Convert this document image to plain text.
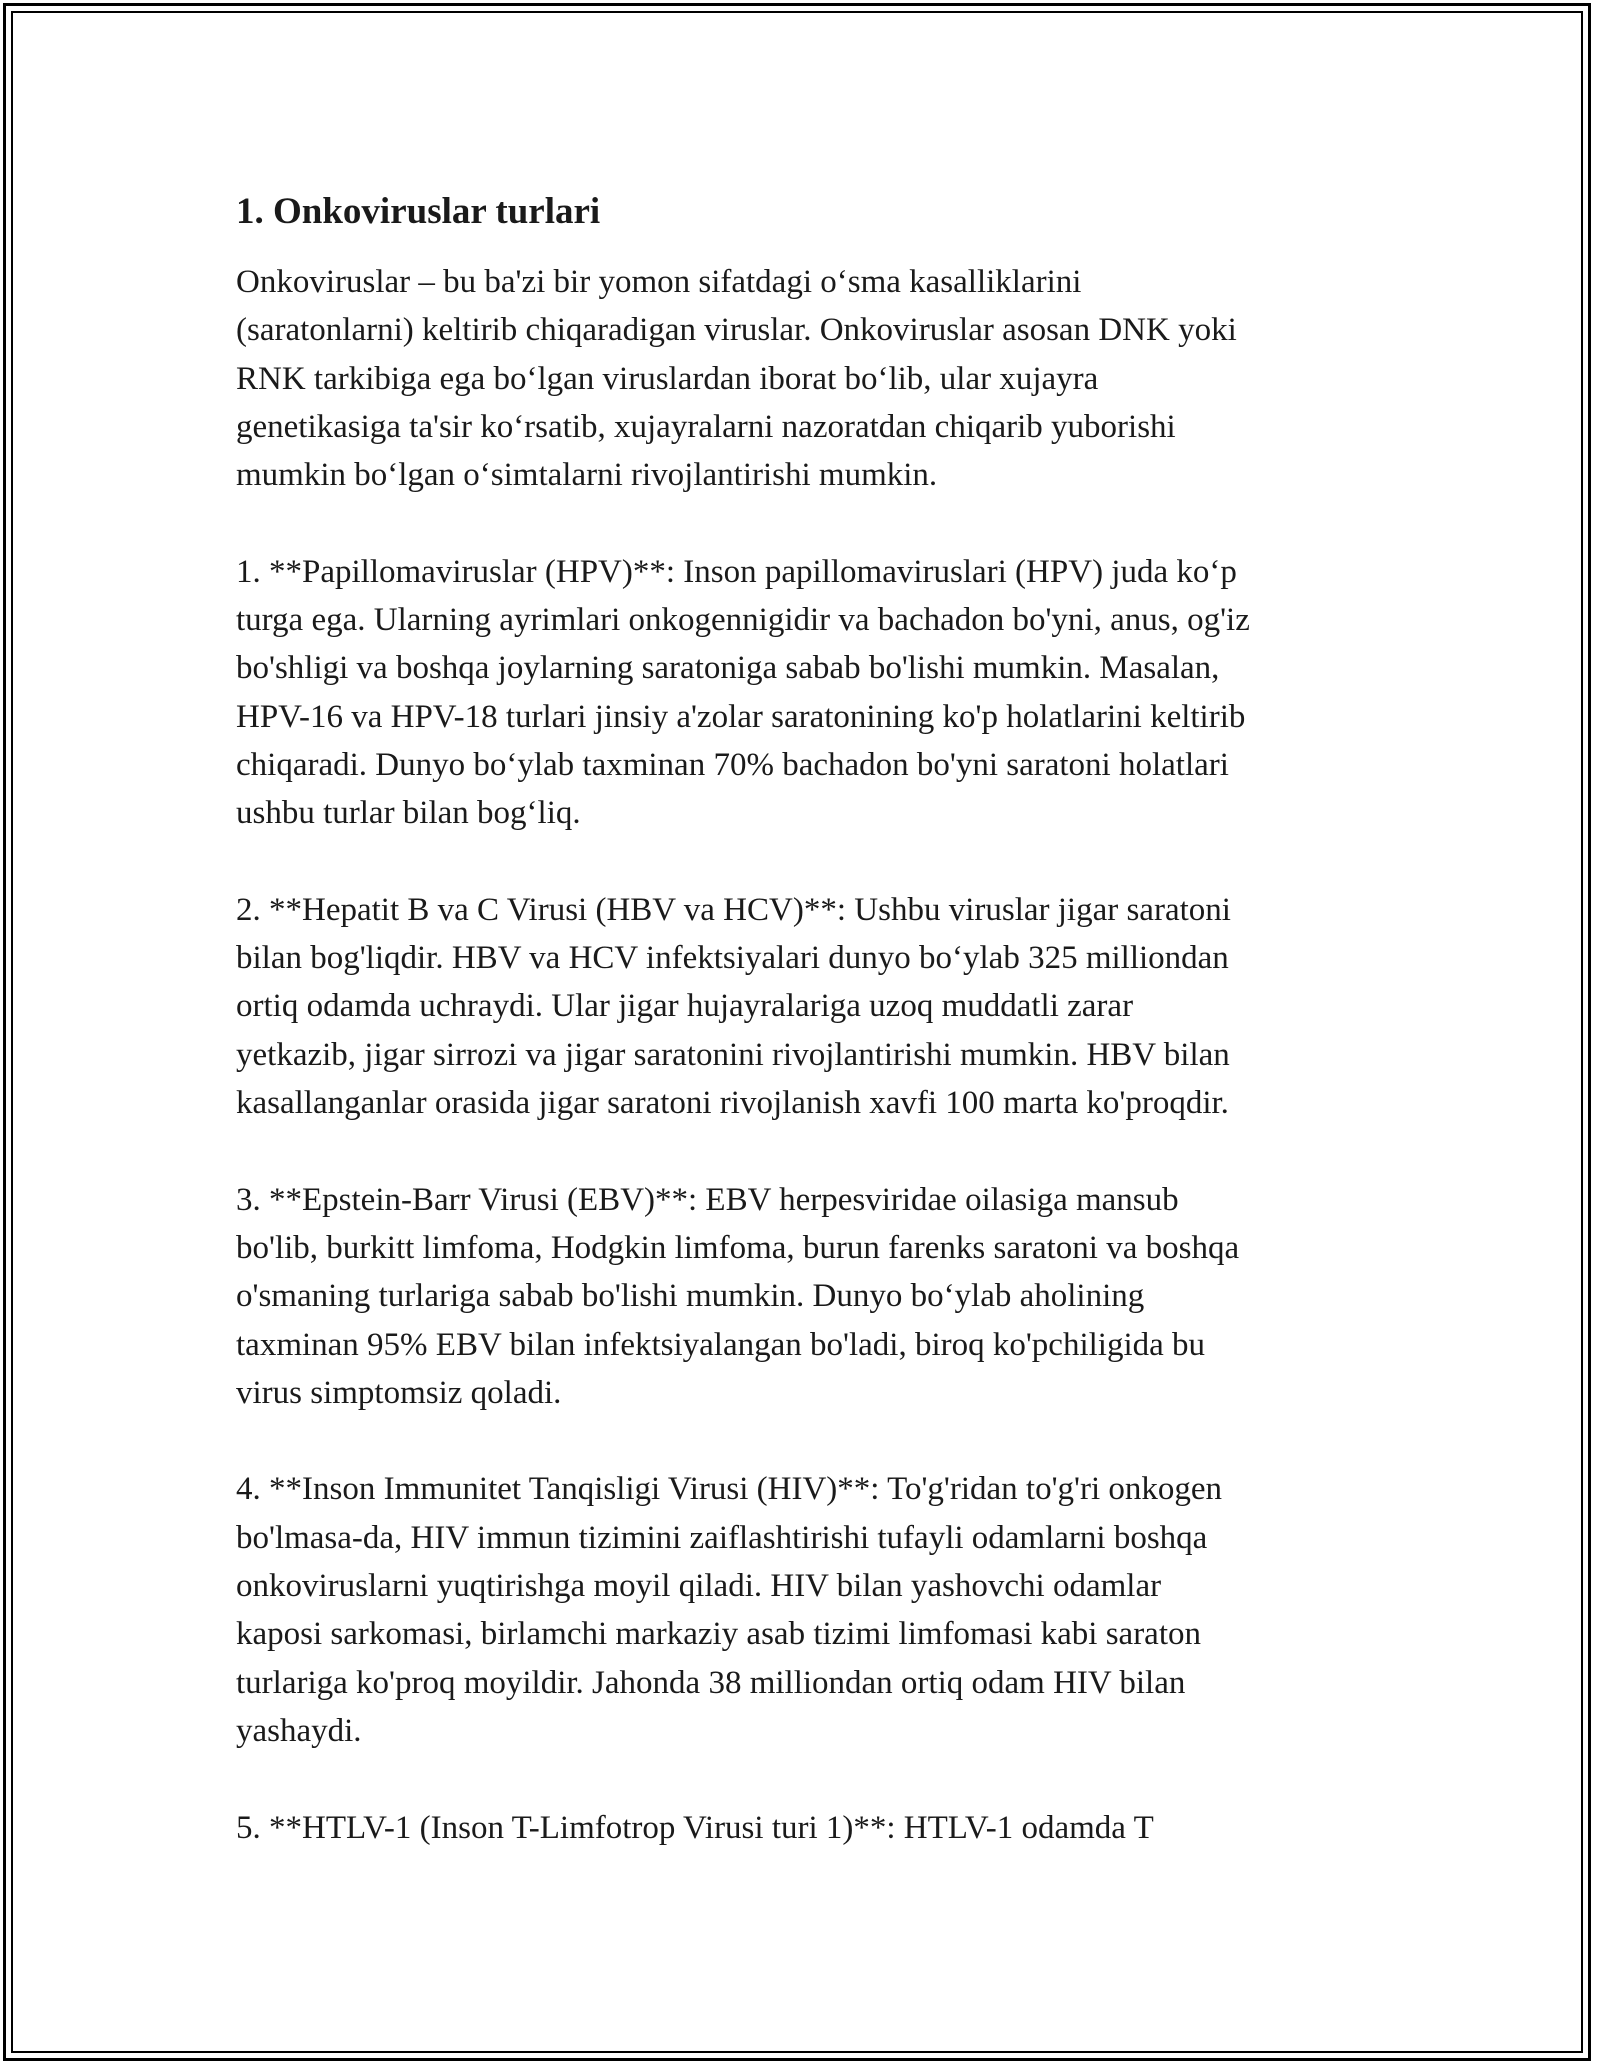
1. Onkoviruslar turlari
Onkoviruslar – bu ba'zi bir yomon sifatdagi oʻsma kasalliklarini
(saratonlarni) keltirib chiqaradigan viruslar. Onkoviruslar asosan DNK yoki
RNK tarkibiga ega boʻlgan viruslardan iborat boʻlib, ular xujayra
genetikasiga ta'sir koʻrsatib, xujayralarni nazoratdan chiqarib yuborishi
mumkin boʻlgan oʻsimtalarni rivojlantirishi mumkin.
1. **Papillomaviruslar (HPV)**: Inson papillomaviruslari (HPV) juda koʻp
turga ega. Ularning ayrimlari onkogennigidir va bachadon bo'yni, anus, og'iz
bo'shligi va boshqa joylarning saratoniga sabab bo'lishi mumkin. Masalan,
HPV-16 va HPV-18 turlari jinsiy a'zolar saratonining ko'p holatlarini keltirib
chiqaradi. Dunyo boʻylab taxminan 70% bachadon bo'yni saratoni holatlari
ushbu turlar bilan bogʻliq.
2. **Hepatit B va C Virusi (HBV va HCV)**: Ushbu viruslar jigar saratoni
bilan bog'liqdir. HBV va HCV infektsiyalari dunyo boʻylab 325 milliondan
ortiq odamda uchraydi. Ular jigar hujayralariga uzoq muddatli zarar
yetkazib, jigar sirrozi va jigar saratonini rivojlantirishi mumkin. HBV bilan
kasallanganlar orasida jigar saratoni rivojlanish xavfi 100 marta ko'proqdir.
3. **Epstein-Barr Virusi (EBV)**: EBV herpesviridae oilasiga mansub
bo'lib, burkitt limfoma, Hodgkin limfoma, burun farenks saratoni va boshqa
o'smaning turlariga sabab bo'lishi mumkin. Dunyo boʻylab aholining
taxminan 95% EBV bilan infektsiyalangan bo'ladi, biroq ko'pchiligida bu
virus simptomsiz qoladi.
4. **Inson Immunitet Tanqisligi Virusi (HIV)**: To'g'ridan to'g'ri onkogen
bo'lmasa-da, HIV immun tizimini zaiflashtirishi tufayli odamlarni boshqa
onkoviruslarni yuqtirishga moyil qiladi. HIV bilan yashovchi odamlar
kaposi sarkomasi, birlamchi markaziy asab tizimi limfomasi kabi saraton
turlariga ko'proq moyildir. Jahonda 38 milliondan ortiq odam HIV bilan
yashaydi.
5. **HTLV-1 (Inson T-Limfotrop Virusi turi 1)**: HTLV-1 odamda T
